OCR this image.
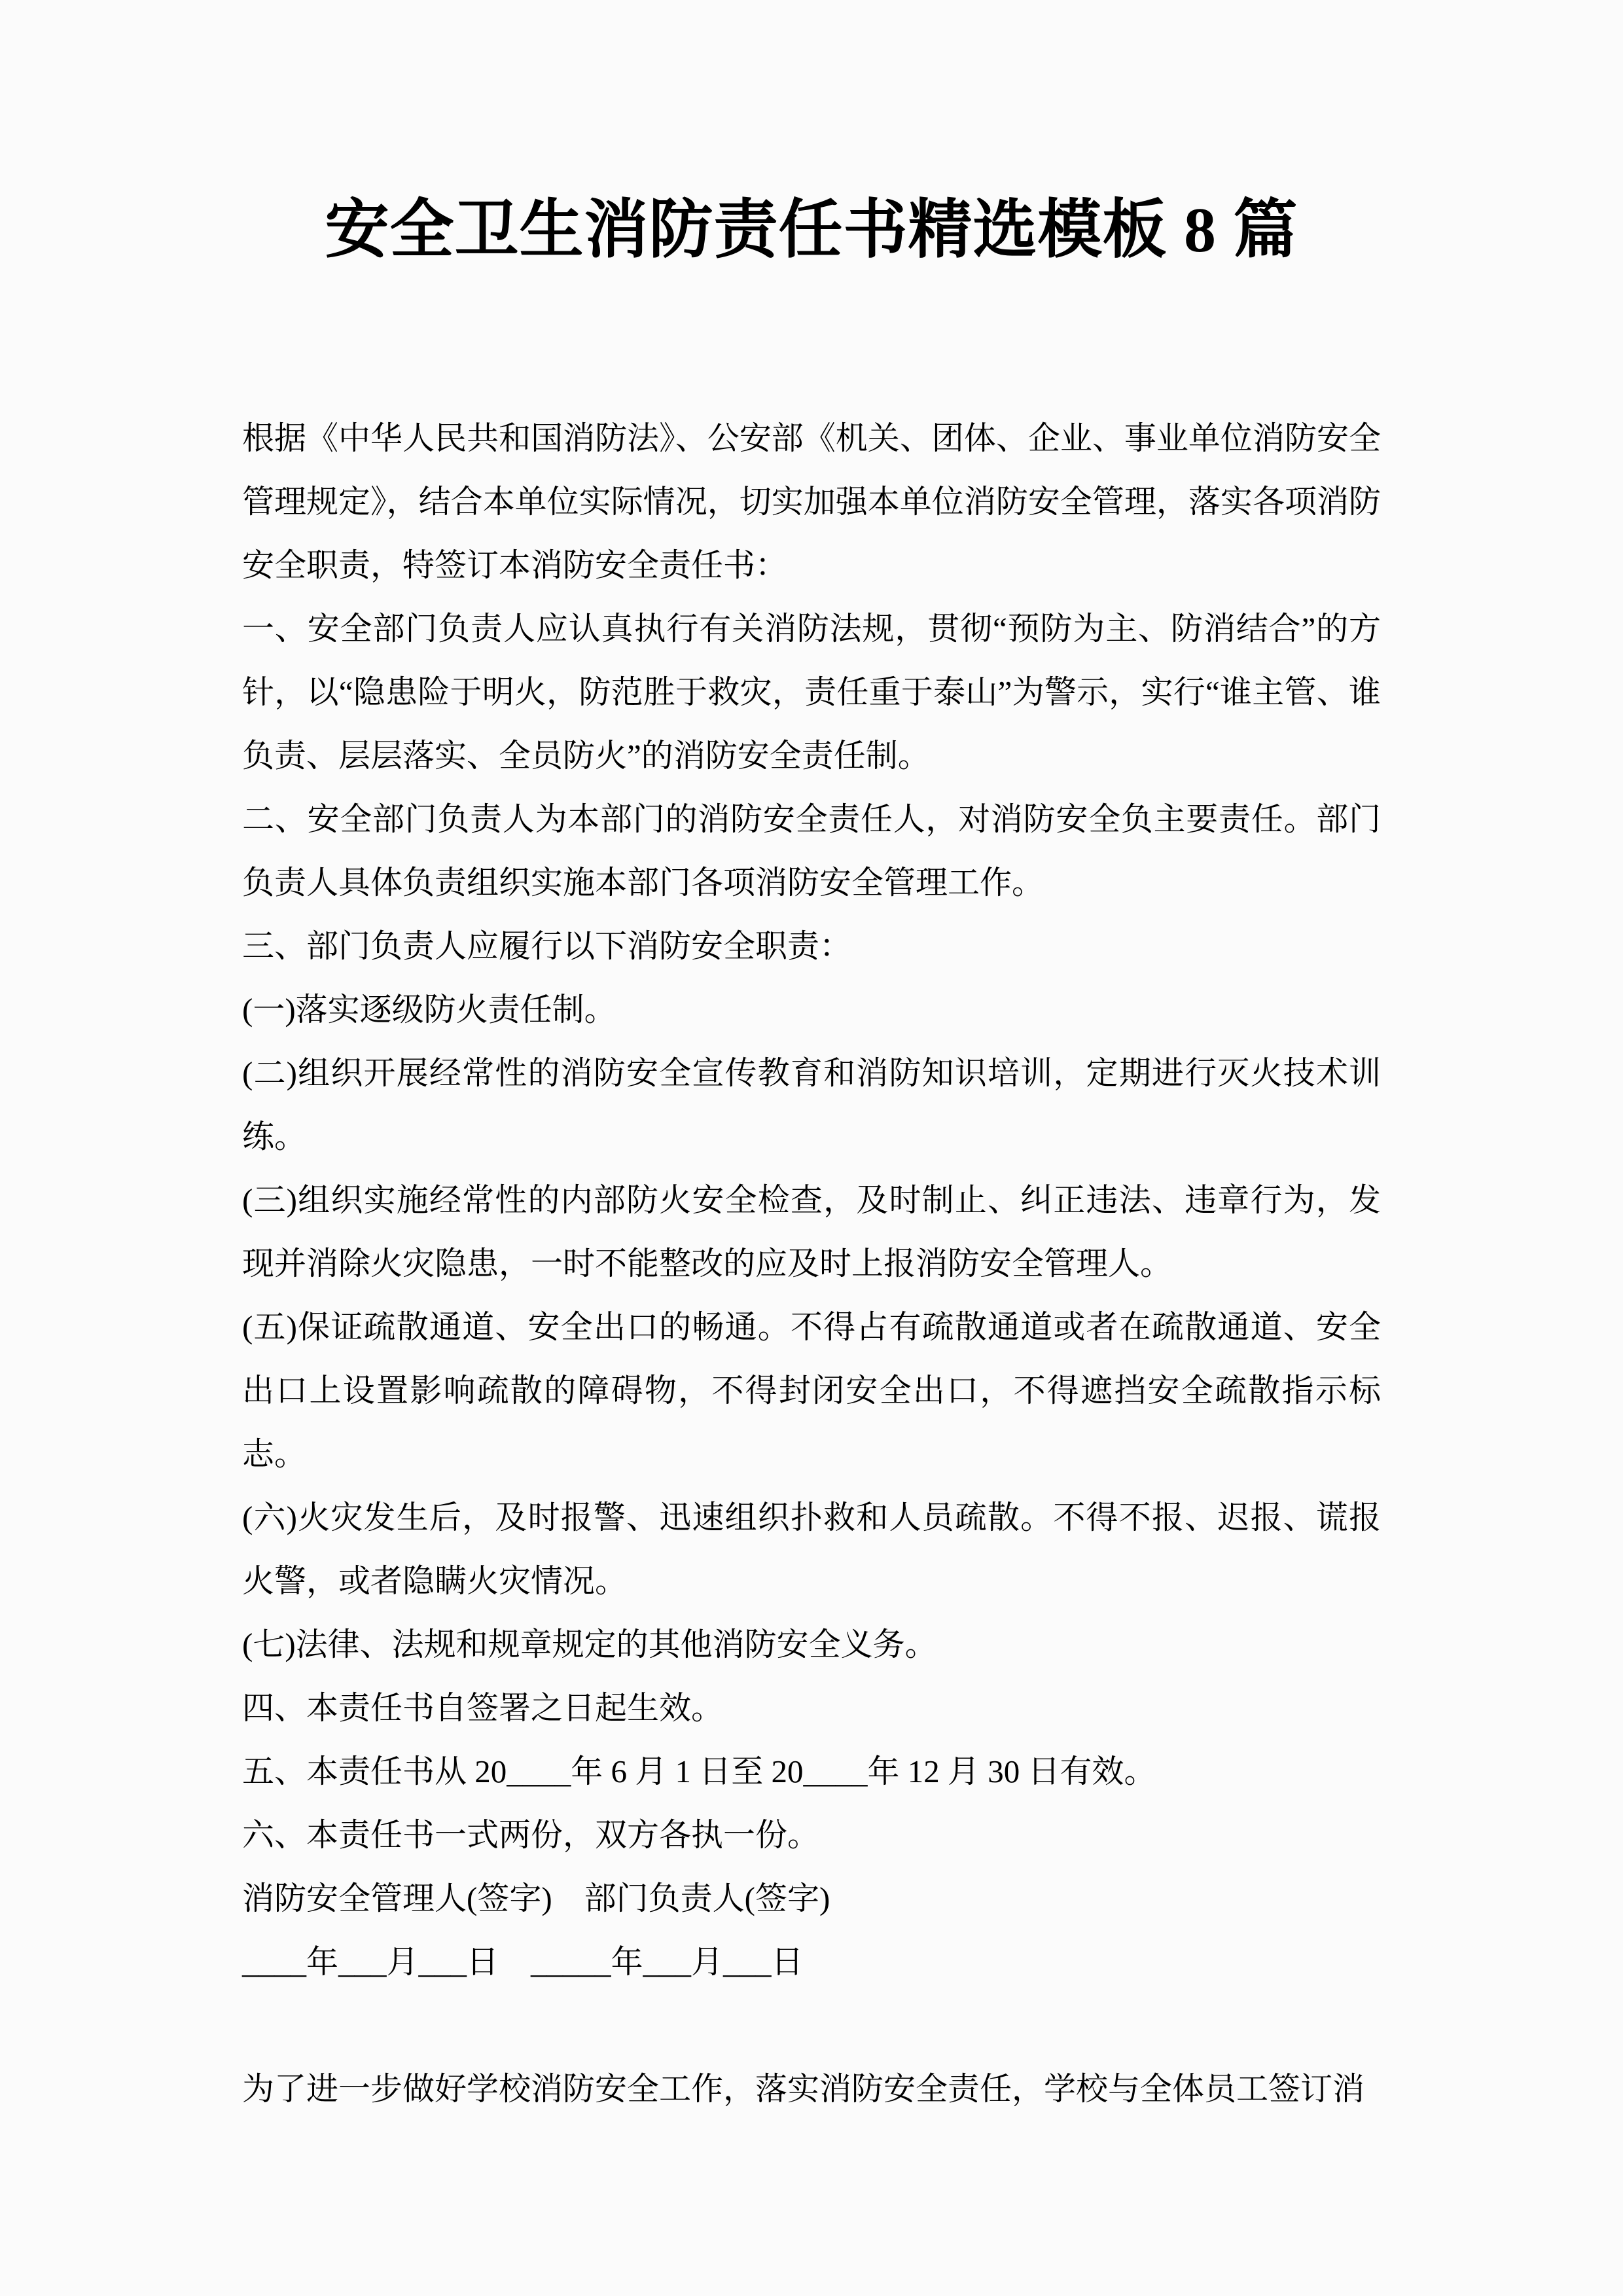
安全卫生消防责任书精选模板 8 篇

根据《中华人民共和国消防法》、公安部《机关、团体、企业、事业单位消防安全管理规定》，结合本单位实际情况，切实加强本单位消防安全管理，落实各项消防安全职责，特签订本消防安全责任书：

一、安全部门负责人应认真执行有关消防法规，贯彻“预防为主、防消结合”的方针，以“隐患险于明火，防范胜于救灾，责任重于泰山”为警示，实行“谁主管、谁负责、层层落实、全员防火”的消防安全责任制。

二、安全部门负责人为本部门的消防安全责任人，对消防安全负主要责任。部门负责人具体负责组织实施本部门各项消防安全管理工作。

三、部门负责人应履行以下消防安全职责：

(一)落实逐级防火责任制。

(二)组织开展经常性的消防安全宣传教育和消防知识培训，定期进行灭火技术训练。

(三)组织实施经常性的内部防火安全检查，及时制止、纠正违法、违章行为，发现并消除火灾隐患，一时不能整改的应及时上报消防安全管理人。

(五)保证疏散通道、安全出口的畅通。不得占有疏散通道或者在疏散通道、安全出口上设置影响疏散的障碍物，不得封闭安全出口，不得遮挡安全疏散指示标志。

(六)火灾发生后，及时报警、迅速组织扑救和人员疏散。不得不报、迟报、谎报火警，或者隐瞒火灾情况。

(七)法律、法规和规章规定的其他消防安全义务。

四、本责任书自签署之日起生效。

五、本责任书从 20____年 6 月 1 日至 20____年 12 月 30 日有效。

六、本责任书一式两份，双方各执一份。

消防安全管理人(签字)　部门负责人(签字)

____年___月___日　_____年___月___日

为了进一步做好学校消防安全工作，落实消防安全责任，学校与全体员工签订消
